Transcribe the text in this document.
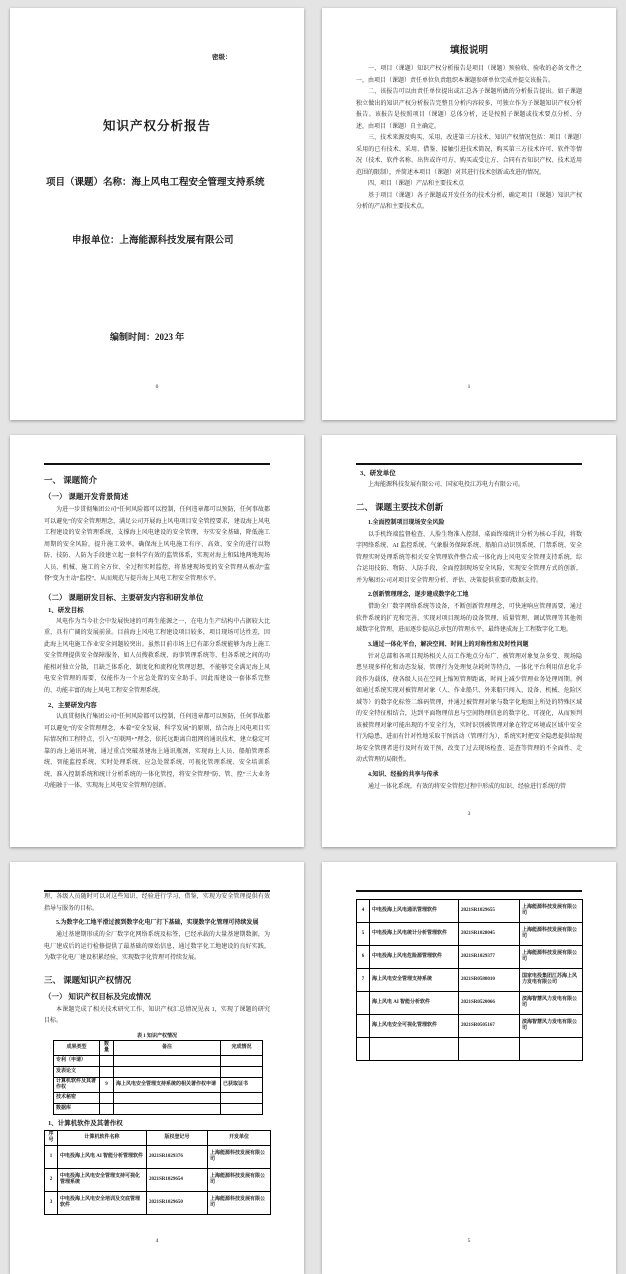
密级：
知识产权分析报告
项目（课题）名称：海上风电工程安全管理支持系统
申报单位：上海能源科技发展有限公司
编制时间：2023 年
0
填报说明

一、项目（课题）知识产权分析报告是项目（课题）预验收、验收的必备文件之一，由项目（课题）责任单位负责组织本课题参研单位完成并提交该报告。

二、该报告可以由责任单位提出或汇总各子课题所做的分析报告提出。如子课题独立做出的知识产权分析报告完整且分析内容较多，可独立作为子课题知识产权分析报告。该报告是按照项目（课题）总体分析，还是按照子课题或技术要点分析、分述，由项目（课题）自主确定。

三、技术来源及购买、采用、改进第三方技术、知识产权情况包括：项目（课题）采用的已有技术、采用、借鉴、接触引进技术简况，购买第三方技术许可、软件等情况（技术、软件名称、出售或许可方、购买或受让方、合同有否知识产权、技术适用范围的限制），并简述本项目（课题）对其进行技术创新或改进的情况。

四、项目（课题）产品和主要技术点

基于项目（课题）各子课题或开发任务的技术分析，确定项目（课题）知识产权分析的产品和主要技术点。

1
一、 课题简介
（一） 课题开发背景简述

为进一步贯彻集团公司“任何风险都可以控制，任何违章都可以预防，任何事故都可以避免”的安全管理理念，满足公司开展海上风电项目安全管控要求，建设海上风电工程建设的安全管理系统，支撑海上风电建设的安全管理，夯实安全基础，降低施工周期的安全风险，提升施工效率，确保海上风电施工有序、高效、安全的进行以物防、技防、人防为手段建立起一套科学有效的监管体系，实现对海上和陆地两地现场人员、机械、施工的全方位、全过程实时监控，将基建现场变的安全管理从被动“监督”变为主动“监控”，从而规范与提升海上风电工程安全管理水平。

（二） 课题研发目标、主要研发内容和研发单位
1、研发目标

风电作为当今社会中发展快速的可再生能源之一，在电力生产结构中占据较大比重，具有广阔的发展前景。目前海上风电工程建设项目较多，项目现场可达性差，因此海上风电施工作业安全问题较突出。虽然目前市场上已有部分系统能够为海上施工安全管理提供安全保障服务，如人员搜救系统、海事管理系统等，但各系统之间的功能相对独立分散，且缺乏体系化、制度化和流程化管理思想，不能够完全满足海上风电安全管理的需要，仅能作为一个应急处置的安全助手。因此需建设一套体系完整的、功能丰富的海上风电工程安全管理系统。

2、主要研发内容

认真贯彻执行集团公司“任何风险都可以控制，任何违章都可以预防，任何事故都可以避免”的安全管理理念，本着“安全发展、科学发展”的原则，结合海上风电项目实际情况和工程特点，引入“互联网+”理念，依托远距离自组网的通讯技术，建立稳定可靠的海上通讯环境，通过重点突破基建海上通讯瓶颈，实现海上人员、船舶管理系统、智能监控系统、实时处理系统、应急处置系统、可视化管理系统、安全培训系统、准入控制系统和统计分析系统的一体化管控，将安全管理“防、管、控”三大业务功能融于一体，实现海上风电安全管理的创新。

3、研发单位

上海能源科技发展有限公司、国家电投江苏电力有限公司。

二、 课题主要技术创新
1.全面控制项目现场安全风险

以手机终端监督检查、人脸生物准入控制、桌面终端统计分析为核心手段，将数字网络系统、AI 监控系统、气象服务保障系统、船舶自动识别系统、门禁系统、安全管理实时处理系统等相关安全管理软件整合成一体化海上风电安全管理支持系统，综合运用技防、物防、人防手段，全面控制现场安全风险，实现安全管理方式的创新，并为集团公司对项目安全管理分析、评估、决策提供重要的数据支持。

2.创新管理理念，逐步建成数字化工地

借助全厂数字网络系统等设备，不断创新管理理念，可快速响应管理需要，通过软件系统的扩充和完善，实现对项目现场的设备管理、质量管理、调试管理等其他领域数字化管理，进而逐步提高总承包的管理水平，最终建成海上工程数字化工地。

3.通过一体化平台，解决空间、时间上的对称性和及时性问题

针对总部和各项目现场相关人员工作地点分布广、被管理对象复杂多变、现场隐患呈现多样化和动态发展、管理行为处理复杂耗时等特点，一体化平台利用信息化手段作为载体，使各级人员在空间上缩短管理距离，时间上减少管理业务处理周期。例如通过系统实现对被管理对象（人、作业船只、外来船只闯入、设备、机械、危险区域等）的数字化标签二维码管理，并通过被管理对象与数字化地图上所处的特殊区域的安全特征相结合，达到平面物理信息与空间物理信息的数字化、可视化，从而预判该被管理对象可能出现的不安全行为，实时识别被管理对象在特定环境或区域中安全行为隐患，进而有针对性地采取干预活动（管理行为），系统实时把安全隐患提供给现场安全管理者进行及时有效干预，改变了过去现场检查、巡查等管理的不全面性、走动式管理的局限性。

4.知识、经验的共享与传承

通过一体化系统，有效的将安全管控过程中形成的知识、经验进行系统的管

3

理，各级人员随时可以对这些知识、经验进行学习、借鉴，实现为安全管理提供有效指导与服务的目标。

5.为数字化工地平滑过渡到数字化电厂打下基础，实现数字化管理可持续发展

通过基建期形成的全厂数字化网络系统及标签，已经承载的大量基建期数据，为电厂建成后的运行检修提供了最基础的原始信息，通过数字化工地建设的良好实践，为数字化电厂建设积累经验，实现数字化管理可持续发展。

三、 课题知识产权情况
（一） 知识产权目标及完成情况

本课题完成了相关技术研究工作，知识产权汇总情况见表 1，实现了课题的研究目标。

表 1 知识产权情况
成果类型	数量	备注	完成情况
专利（申请）			
发表论文			
计算机软件及其著作权	9	海上风电安全管理支持系统的相关著作权申请	已获取证书
技术秘密			
数据库			
1、计算机软件及其著作权
序号	计算机软件名称	版权登记号	开发单位
1	中电投海上风电 AI 智能分析管理软件	2021SR1029376	上海能源科技发展有限公司
2	中电投海上风电安全管理支持可视化管理系统	2021SR1029654	上海能源科技发展有限公司
3	中电投海上风电安全培训及交底管理软件	2021SR1029650	上海能源科技发展有限公司
4
4	中电投海上风电通讯管理软件	2021SR1029655	上海能源科技发展有限公司
5	中电投海上风电统计分析管理软件	2021SR1028045	上海能源科技发展有限公司
6	中电投海上风电危险源管理软件	2021SR1029377	上海能源科技发展有限公司
7	海上风电安全管理支持系统	2021SR0580010	国家电投集团江苏海上风力发电有限公司
	海上风电 AI 智能分析软件	2021SR0520066	滨海智慧风力发电有限公司
	海上风电安全可视化管理软件	2021SR0505167	滨海智慧风力发电有限公司

5
